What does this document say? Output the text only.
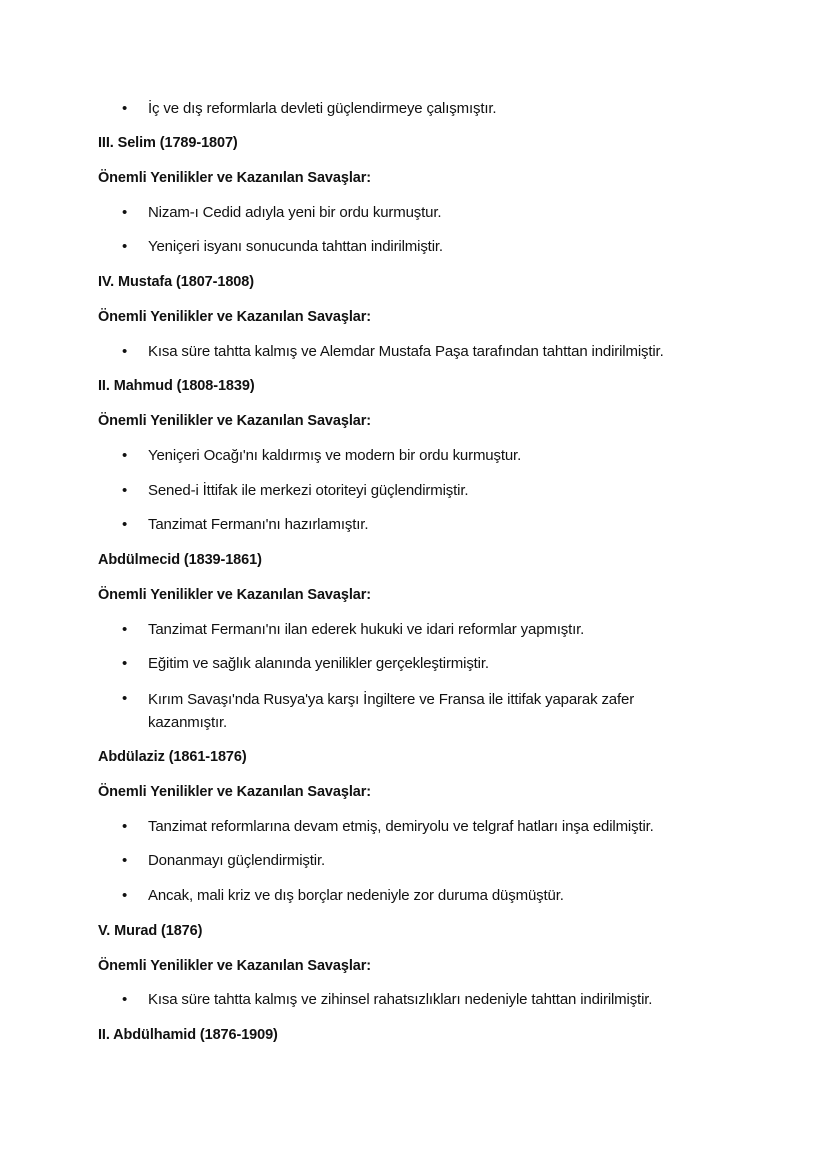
•	İç ve dış reformlarla devleti güçlendirmeye çalışmıştır.
III. Selim (1789-1807)
Önemli Yenilikler ve Kazanılan Savaşlar:
•	Nizam-ı Cedid adıyla yeni bir ordu kurmuştur.
•	Yeniçeri isyanı sonucunda tahttan indirilmiştir.
IV. Mustafa (1807-1808)
Önemli Yenilikler ve Kazanılan Savaşlar:
•	Kısa süre tahtta kalmış ve Alemdar Mustafa Paşa tarafından tahttan indirilmiştir.
II. Mahmud (1808-1839)
Önemli Yenilikler ve Kazanılan Savaşlar:
•	Yeniçeri Ocağı'nı kaldırmış ve modern bir ordu kurmuştur.
•	Sened-i İttifak ile merkezi otoriteyi güçlendirmiştir.
•	Tanzimat Fermanı'nı hazırlamıştır.
Abdülmecid (1839-1861)
Önemli Yenilikler ve Kazanılan Savaşlar:
•	Tanzimat Fermanı'nı ilan ederek hukuki ve idari reformlar yapmıştır.
•	Eğitim ve sağlık alanında yenilikler gerçekleştirmiştir.
•	Kırım Savaşı'nda Rusya'ya karşı İngiltere ve Fransa ile ittifak yaparak zafer kazanmıştır.
Abdülaziz (1861-1876)
Önemli Yenilikler ve Kazanılan Savaşlar:
•	Tanzimat reformlarına devam etmiş, demiryolu ve telgraf hatları inşa edilmiştir.
•	Donanmayı güçlendirmiştir.
•	Ancak, mali kriz ve dış borçlar nedeniyle zor duruma düşmüştür.
V. Murad (1876)
Önemli Yenilikler ve Kazanılan Savaşlar:
•	Kısa süre tahtta kalmış ve zihinsel rahatsızlıkları nedeniyle tahttan indirilmiştir.
II. Abdülhamid (1876-1909)
